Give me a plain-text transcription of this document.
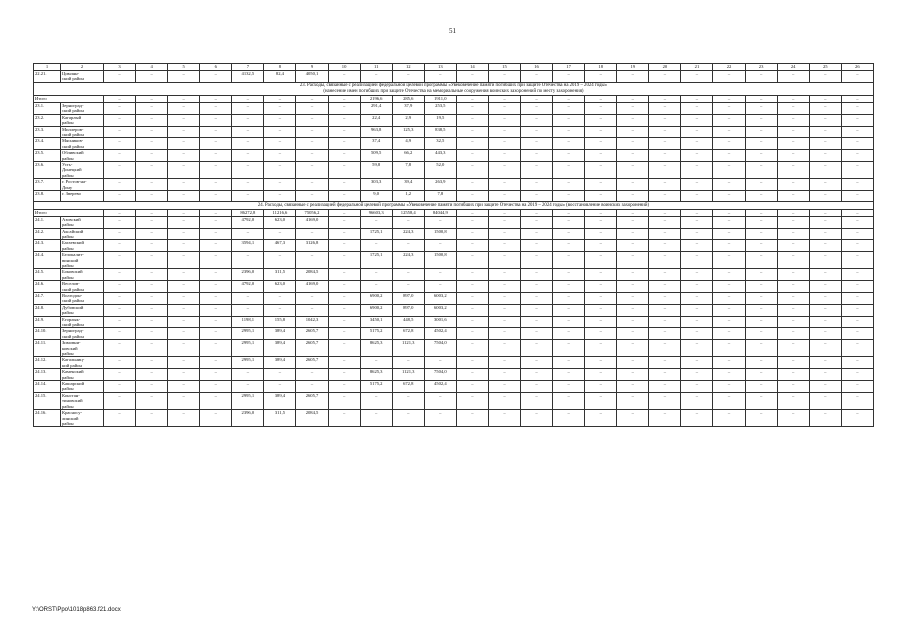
51
1	2	3	4	5	6	7	8	9	10	11	12	13	14	15	16	17	18	19	20	21	22	23	24	25	26
22.21.	Цимлян-
ский район	–	–	–	–	4132,5	82,4	4050,1	–	–	–	–	–	–	–	–	–	–	–	–	–	–	–	–	–
23. Расходы, связанные с реализацией федеральной целевой программы «Увековечение памяти погибших при защите Отечества на 2019 – 2024 годы»
(нанесение имен погибших при защите Отечества на мемориальные сооружения воинских захоронений по месту захоронения)																									
Итого		–	–	–	–	–	–	–	–	2196,6	285,6	1911,0	–	–	–	–	–	–	–	–	–	–	–	–	–
23.1.	Зерноград-
ский район	–	–	–	–	–	–	–	–	291,4	37,9	253,5	–	–	–	–	–	–	–	–	–	–	–	–	–
23.2.	Кагарлый
район	–	–	–	–	–	–	–	–	22,4	2,9	19,5	–	–	–	–	–	–	–	–	–	–	–	–	–
23.3.	Миллеров-
ский район	–	–	–	–	–	–	–	–	963,8	125,3	838,5	–	–	–	–	–	–	–	–	–	–	–	–	–
23.4.	Мясников-
ский район	–	–	–	–	–	–	–	–	37,4	4,9	32,5	–	–	–	–	–	–	–	–	–	–	–	–	–
23.5.	Обливский
район	–	–	–	–	–	–	–	–	509,5	66,2	443,3	–	–	–	–	–	–	–	–	–	–	–	–	–
23.6.	Усть-
Донецкий
район	–	–	–	–	–	–	–	–	59,8	7,8	52,0	–	–	–	–	–	–	–	–	–	–	–	–	–
23.7.	г. Ростов-на-
Дону	–	–	–	–	–	–	–	–	303,3	39,4	263,9	–	–	–	–	–	–	–	–	–	–	–	–	–
23.8.	г. Зверево	–	–	–	–	–	–	–	–	9,0	1,2	7,8	–	–	–	–	–	–	–	–	–	–	–	–	–
24. Расходы, связанные с реализацией федеральной целевой программы «Увековечение памяти погибших при защите Отечества на 2019 – 2024 годы» (восстановление воинских захоронений)																									
Итого		–	–	–	–	86272,8	11216,6	75056,2	–	96603,3	12558,4	84044,9	–	–	–	–	–	–	–	–	–	–	–	–	–
24.1.	Азовский
район	–	–	–	–	4792,0	623,0	4169,0	–	–	–	–	–	–	–	–	–	–	–	–	–	–	–	–	–
24.2.	Аксайский
район	–	–	–	–	–	–	–	–	1725,1	224,3	1500,8	–	–	–	–	–	–	–	–	–	–	–	–	–
24.3.	Багаевский
район	–	–	–	–	3594,1	467,3	3126,8	–	–	–	–	–	–	–	–	–	–	–	–	–	–	–	–	–
24.4.	Белокалит-
винский
район	–	–	–	–	–	–	–	–	1725,1	224,3	1500,8	–	–	–	–	–	–	–	–	–	–	–	–	–
24.5.	Боковский
район	–	–	–	–	2396,0	311,5	2084,5	–	–	–	–	–	–	–	–	–	–	–	–	–	–	–	–	–
24.6.	Веселов-
ский район	–	–	–	–	4792,0	623,0	4169,0	–	–	–	–	–	–	–	–	–	–	–	–	–	–	–	–	–
24.7.	Волгодон-
ский район	–	–	–	–	–	–	–	–	6900,2	897,0	6003,2	–	–	–	–	–	–	–	–	–	–	–	–	–
24.8.	Дубовский
район	–	–	–	–	–	–	–	–	6900,2	897,0	6003,2	–	–	–	–	–	–	–	–	–	–	–	–	–
24.9.	Егорлык-
ский район	–	–	–	–	1198,1	155,8	1042,3	–	3450,1	448,5	3001,6	–	–	–	–	–	–	–	–	–	–	–	–	–
24.10.	Зерноград-
ский район	–	–	–	–	2995,1	389,4	2605,7	–	5175,2	672,8	4502,4	–	–	–	–	–	–	–	–	–	–	–	–	–
24.11.	Зимовни-
ковский
район	–	–	–	–	2995,1	389,4	2605,7	–	8625,3	1121,3	7504,0	–	–	–	–	–	–	–	–	–	–	–	–	–
24.12.	Кагальниц-
кий район	–	–	–	–	2995,1	389,4	2605,7	–	–	–	–	–	–	–	–	–	–	–	–	–	–	–	–	–
24.13.	Каменский
район	–	–	–	–	–	–	–	–	8625,3	1121,3	7504,0	–	–	–	–	–	–	–	–	–	–	–	–	–
24.14.	Кашарский
район	–	–	–	–	–	–	–	–	5175,2	672,8	4502,4	–	–	–	–	–	–	–	–	–	–	–	–	–
24.15.	Констан-
тиновский
район	–	–	–	–	2995,1	389,4	2605,7	–	–	–	–	–	–	–	–	–	–	–	–	–	–	–	–	–
24.16.	Красносу-
линский
район	–	–	–	–	2396,0	311,5	2084,5	–	–	–	–	–	–	–	–	–	–	–	–	–	–	–	–	–
Y:\ORST\Ppo\1018p863.f21.docx
